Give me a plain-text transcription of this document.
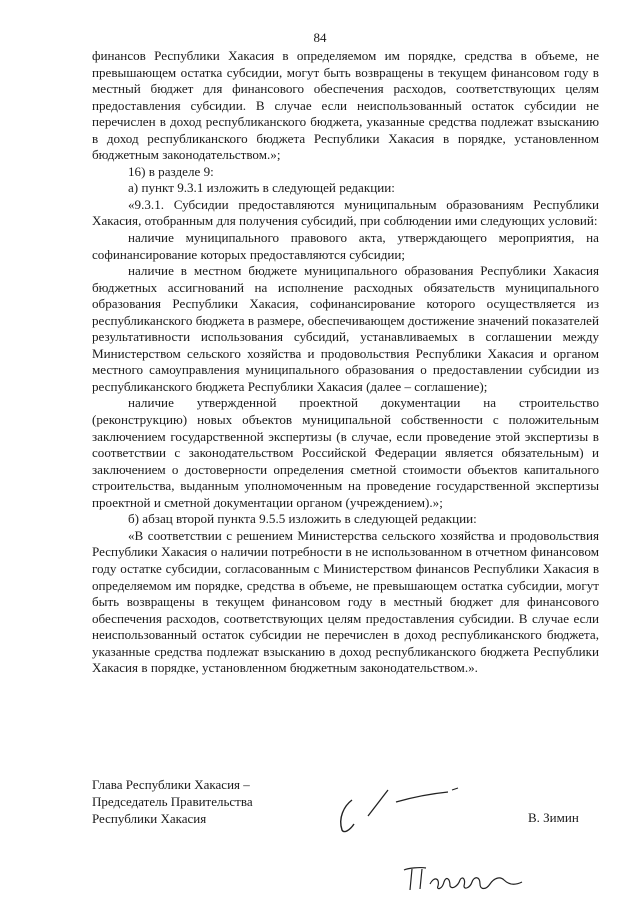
84

финансов Республики Хакасия в определяемом им порядке, средства в объеме, не превышающем остатка субсидии, могут быть возвращены в текущем финансовом году в местный бюджет для финансового обеспечения расходов, соответствующих целям предоставления субсидии. В случае если неиспользованный остаток субсидии не перечислен в доход республиканского бюджета, указанные средства подлежат взысканию в доход республиканского бюджета Республики Хакасия в порядке, установленном бюджетным законодательством.»;

16) в разделе 9:

а) пункт 9.3.1 изложить в следующей редакции:

«9.3.1. Субсидии предоставляются муниципальным образованиям Республики Хакасия, отобранным для получения субсидий, при соблюдении ими следующих условий:

наличие муниципального правового акта, утверждающего мероприятия, на софинансирование которых предоставляются субсидии;

наличие в местном бюджете муниципального образования Республики Хакасия бюджетных ассигнований на исполнение расходных обязательств муниципального образования Республики Хакасия, софинансирование которого осуществляется из республиканского бюджета в размере, обеспечивающем достижение значений показателей результативности использования субсидий, устанавливаемых в соглашении между Министерством сельского хозяйства и продовольствия Республики Хакасия и органом местного самоуправления муниципального образования о предоставлении субсидии из республиканского бюджета Республики Хакасия (далее – соглашение);

наличие утвержденной проектной документации на строительство (реконструкцию) новых объектов муниципальной собственности с положительным заключением государственной экспертизы (в случае, если проведение этой экспертизы в соответствии с законодательством Российской Федерации является обязательным) и заключением о достоверности определения сметной стоимости объектов капитального строительства, выданным уполномоченным на проведение государственной экспертизы проектной и сметной документации органом (учреждением).»;

б) абзац второй пункта 9.5.5 изложить в следующей редакции:

«В соответствии с решением Министерства сельского хозяйства и продовольствия Республики Хакасия о наличии потребности в не использованном в отчетном финансовом году остатке субсидии, согласованным с Министерством финансов Республики Хакасия в определяемом им порядке, средства в объеме, не превышающем остатка субсидии, могут быть возвращены в текущем финансовом году в местный бюджет для финансового обеспечения расходов, соответствующих целям предоставления субсидии. В случае если неиспользованный остаток субсидии не перечислен в доход республиканского бюджета, указанные средства подлежат взысканию в доход республиканского бюджета Республики Хакасия в порядке, установленном бюджетным законодательством.».

Глава Республики Хакасия –

Председатель Правительства

Республики Хакасия	В. Зимин
